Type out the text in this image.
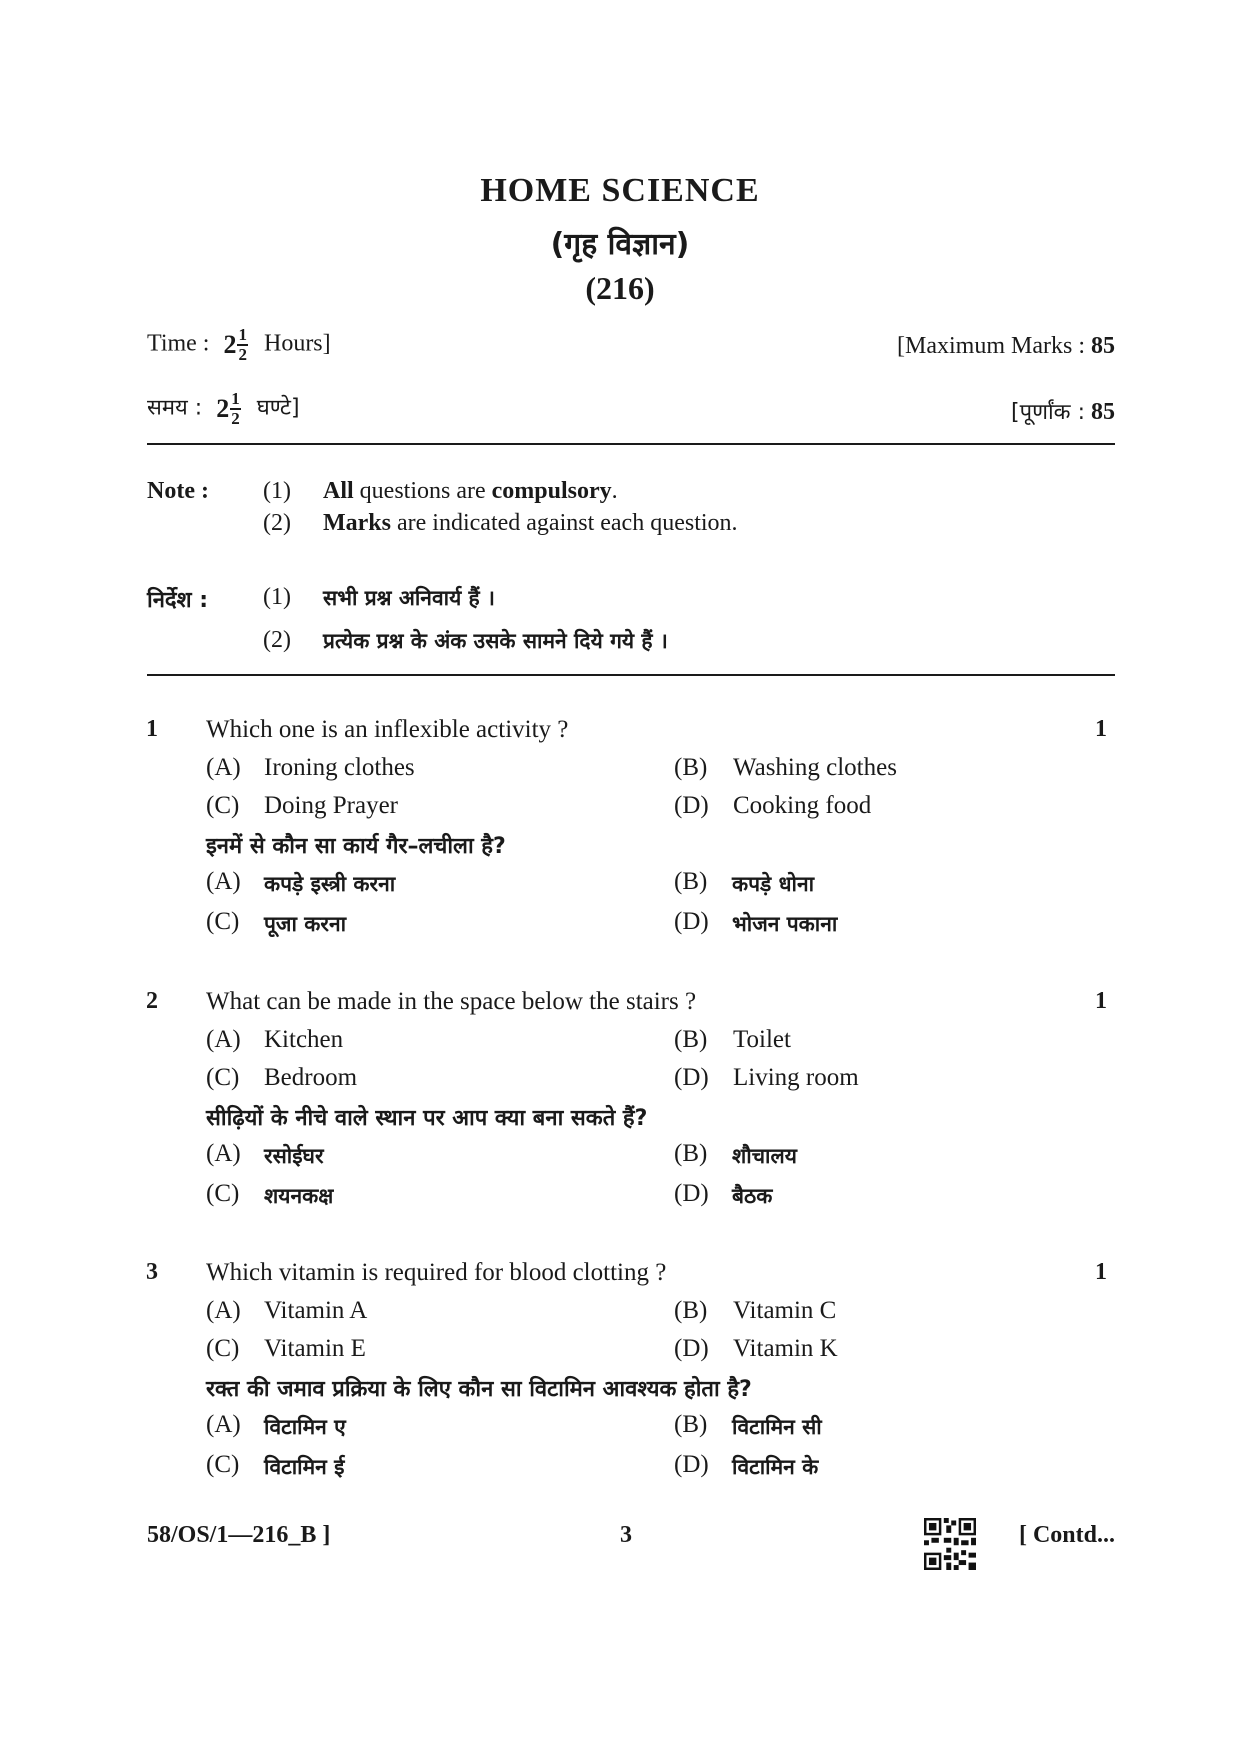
HOME SCIENCE
(गृह विज्ञान)
(216)
Time : $2 \frac{1}{2}$ Hours]	[Maximum Marks : 85
समय : $2 \frac{1}{2}$ घण्टे]	[पूर्णांक : 85
Note : (1) All questions are compulsory.
(2) Marks are indicated against each question.
निर्देश : (1) सभी प्रश्न अनिवार्य हैं ।
(2) प्रत्येक प्रश्न के अंक उसके सामने दिये गये हैं ।
1 Which one is an inflexible activity ?	1
(A) Ironing clothes	(B) Washing clothes
(C) Doing Prayer	(D) Cooking food
इनमें से कौन सा कार्य गैर–लचीला है?
(A) कपड़े इस्त्री करना	(B) कपड़े धोना
(C) पूजा करना	(D) भोजन पकाना
2 What can be made in the space below the stairs ?	1
(A) Kitchen	(B) Toilet
(C) Bedroom	(D) Living room
सीढ़ियों के नीचे वाले स्थान पर आप क्या बना सकते हैं?
(A) रसोईघर	(B) शौचालय
(C) शयनकक्ष	(D) बैठक
3 Which vitamin is required for blood clotting ?	1
(A) Vitamin A	(B) Vitamin C
(C) Vitamin E	(D) Vitamin K
रक्त की जमाव प्रक्रिया के लिए कौन सा विटामिन आवश्यक होता है?
(A) विटामिन ए	(B) विटामिन सी
(C) विटामिन ई	(D) विटामिन के
58/OS/1—216_B ]	3	[ Contd...
